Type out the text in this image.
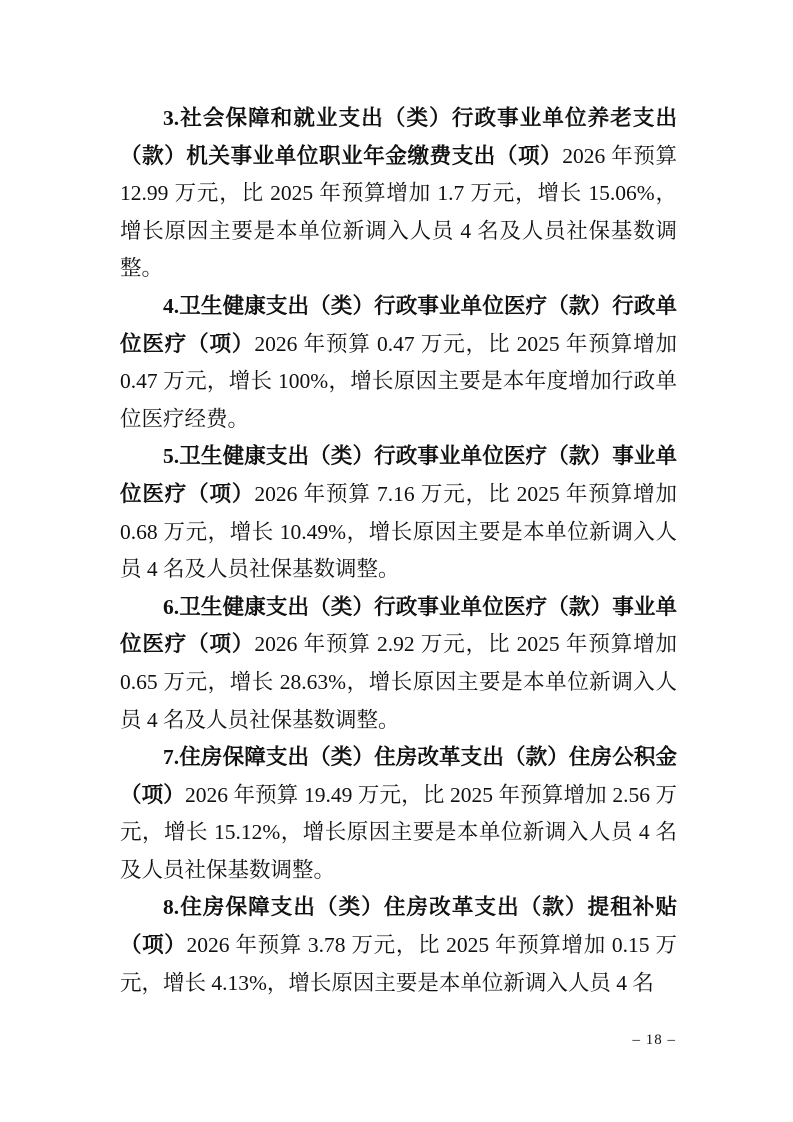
3.社会保障和就业支出（类）行政事业单位养老支出（款）机关事业单位职业年金缴费支出（项）2026 年预算 12.99 万元，比 2025 年预算增加 1.7 万元，增长 15.06%，增长原因主要是本单位新调入人员 4 名及人员社保基数调整。

4.卫生健康支出（类）行政事业单位医疗（款）行政单位医疗（项）2026 年预算 0.47 万元，比 2025 年预算增加 0.47 万元，增长 100%，增长原因主要是本年度增加行政单位医疗经费。

5.卫生健康支出（类）行政事业单位医疗（款）事业单位医疗（项）2026 年预算 7.16 万元，比 2025 年预算增加 0.68 万元，增长 10.49%，增长原因主要是本单位新调入人员 4 名及人员社保基数调整。

6.卫生健康支出（类）行政事业单位医疗（款）事业单位医疗（项）2026 年预算 2.92 万元，比 2025 年预算增加 0.65 万元，增长 28.63%，增长原因主要是本单位新调入人员 4 名及人员社保基数调整。

7.住房保障支出（类）住房改革支出（款）住房公积金（项）2026 年预算 19.49 万元，比 2025 年预算增加 2.56 万元，增长 15.12%，增长原因主要是本单位新调入人员 4 名及人员社保基数调整。

8.住房保障支出（类）住房改革支出（款）提租补贴（项）2026 年预算 3.78 万元，比 2025 年预算增加 0.15 万元，增长 4.13%，增长原因主要是本单位新调入人员 4 名

– 18 –
